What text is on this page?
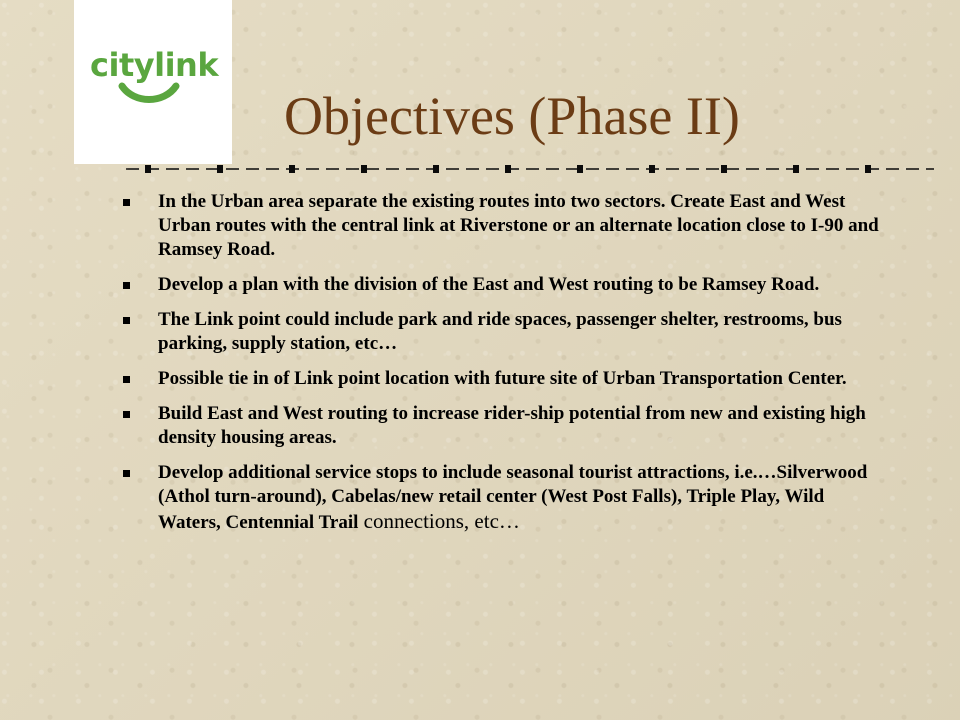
citylink
Objectives (Phase II)
In the Urban area separate the existing routes into two sectors. Create East and West Urban routes with the central link at Riverstone or an alternate location close to I-90 and Ramsey Road.
Develop a plan with the division of the East and West routing to be Ramsey Road.
The Link point could include park and ride spaces, passenger shelter, restrooms, bus parking, supply station, etc…
Possible tie in of Link point location with future site of Urban Transportation Center.
Build East and West routing to increase rider-ship potential from new and existing high density housing areas.
Develop additional service stops to include seasonal tourist attractions, i.e.…Silverwood (Athol turn-around), Cabelas/new retail center (West Post Falls), Triple Play, Wild Waters, Centennial Trail connections, etc…
